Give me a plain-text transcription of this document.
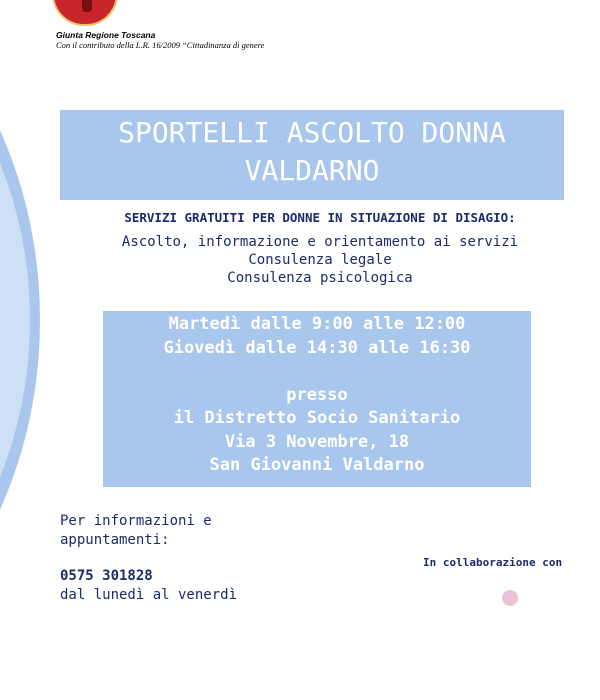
Giunta Regione Toscana
Con il contributo della L.R. 16/2009 “Cittadinanza di genere
SPORTELLI ASCOLTO DONNA
VALDARNO
SERVIZI GRATUITI PER DONNE IN SITUAZIONE DI DISAGIO:
Ascolto, informazione e orientamento ai servizi
Consulenza legale
Consulenza psicologica
Martedì dalle 9:00 alle 12:00
Giovedì dalle 14:30 alle 16:30
presso
il Distretto Socio Sanitario
Via 3 Novembre, 18
San Giovanni Valdarno
Per informazioni e
appuntamenti:
0575 301828
dal lunedì al venerdì
In collaborazione con
